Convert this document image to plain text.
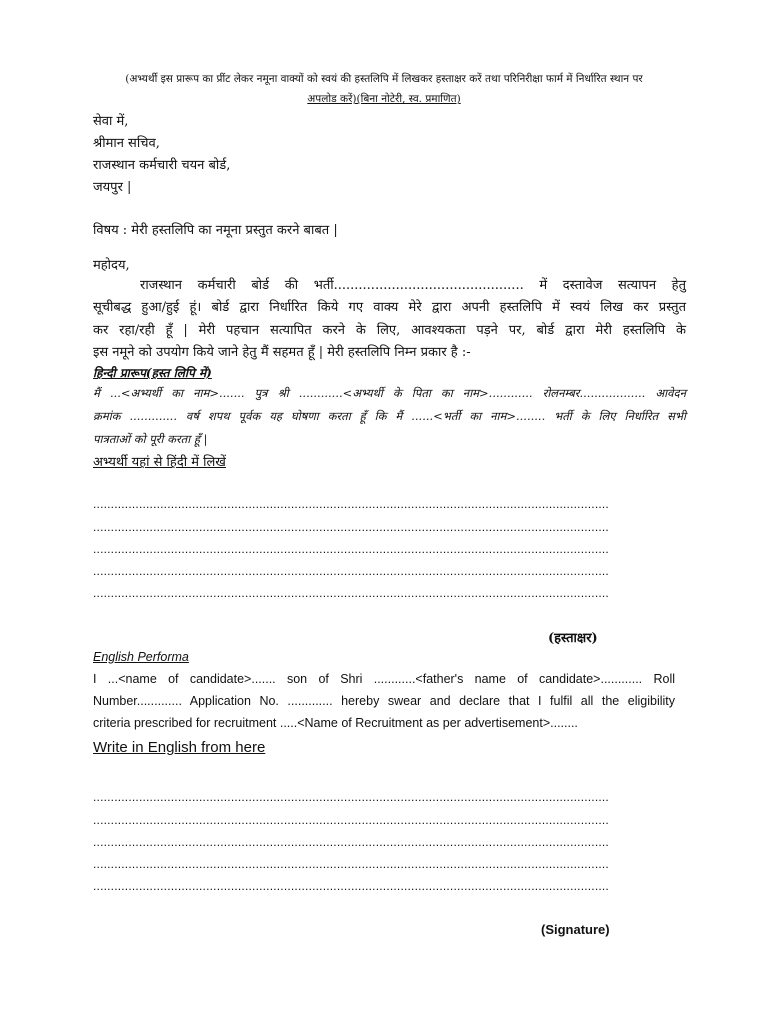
(अभ्यर्थी इस प्रारूप का प्रींट लेकर नमूना वाक्यों को स्वयं की हस्तलिपि में लिखकर हस्ताक्षर करें तथा परिनिरीक्षा फार्म में निर्धारित स्थान पर
अपलोड करें)(बिना नोटेरी, स्व. प्रमाणित)
सेवा में,
श्रीमान सचिव,
राजस्थान कर्मचारी चयन बोर्ड,
जयपुर |
विषय : मेरी हस्तलिपि का नमूना प्रस्तुत करने बाबत |
महोदय,
राजस्थान कर्मचारी बोर्ड की भर्ती.............................................. में दस्तावेज सत्यापन हेतु
सूचीबद्ध हुआ/हुई हूं। बोर्ड द्वारा निर्धारित किये गए वाक्य मेरे द्वारा अपनी हस्तलिपि में स्वयं लिख कर प्रस्तुत
कर रहा/रही हूँ | मेरी पहचान सत्यापित करने के लिए, आवश्यकता पड़ने पर, बोर्ड द्वारा मेरी हस्तलिपि के
इस नमूने को उपयोग किये जाने हेतु मैं सहमत हूँ | मेरी हस्तलिपि निम्न प्रकार है :-
हिन्दी प्रारूप(हस्त लिपि में)
मैं ...<अभ्यर्थी का नाम>....... पुत्र श्री ............<अभ्यर्थी के पिता का नाम>............ रोलनम्बर.................. आवेदन
क्रमांक ............. वर्ष शपथ पूर्वक यह घोषणा करता हूँ कि मैं ......<भर्ती का नाम>........ भर्ती के लिए निर्धारित सभी
पात्रताओं को पूरी करता हूँ |
अभ्यर्थी यहां से हिंदी में लिखें
..................................................................................................................................................
..................................................................................................................................................
..................................................................................................................................................
..................................................................................................................................................
..................................................................................................................................................
(हस्ताक्षर)
English Performa
I ...<name of candidate>....... son of Shri ............<father's name of candidate>............ Roll
Number............. Application No. ............. hereby swear and declare that I fulfil all the eligibility
criteria prescribed for recruitment .....<Name of Recruitment as per advertisement>........
Write in English from here
..................................................................................................................................................
..................................................................................................................................................
..................................................................................................................................................
..................................................................................................................................................
..................................................................................................................................................
(Signature)
